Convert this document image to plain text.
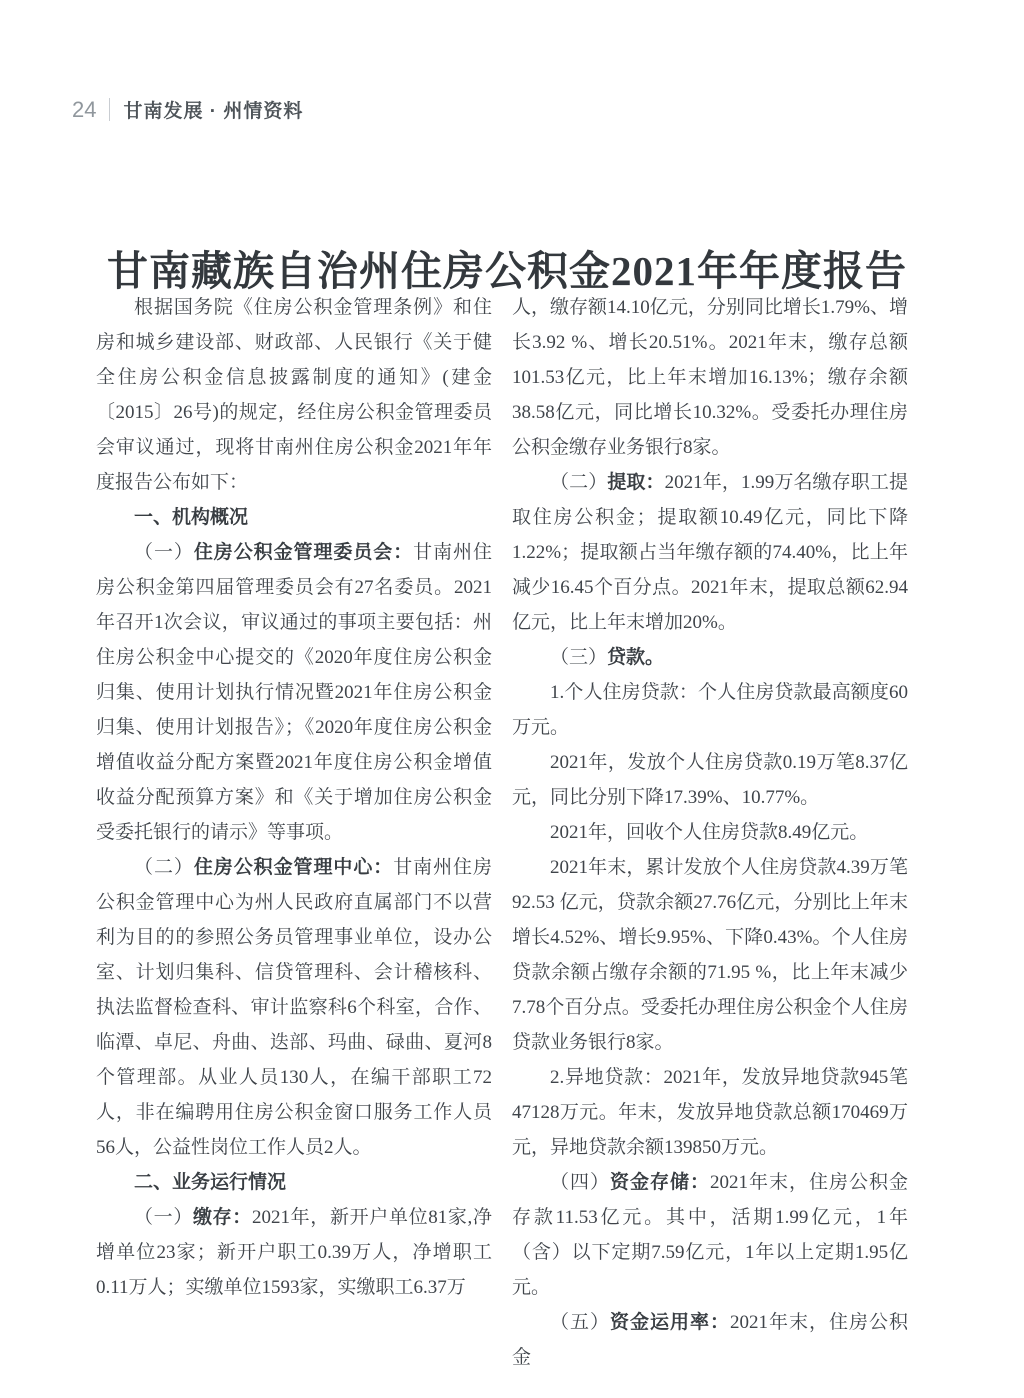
24 甘南发展 · 州情资料
甘南藏族自治州住房公积金2021年年度报告

根据国务院《住房公积金管理条例》和住房和城乡建设部、财政部、人民银行《关于健全住房公积金信息披露制度的通知》(建金〔2015〕26号)的规定，经住房公积金管理委员会审议通过，现将甘南州住房公积金2021年年度报告公布如下：

一、机构概况

（一）住房公积金管理委员会：甘南州住房公积金第四届管理委员会有27名委员。2021年召开1次会议，审议通过的事项主要包括：州住房公积金中心提交的《2020年度住房公积金归集、使用计划执行情况暨2021年住房公积金归集、使用计划报告》；《2020年度住房公积金增值收益分配方案暨2021年度住房公积金增值收益分配预算方案》和《关于增加住房公积金受委托银行的请示》等事项。

（二）住房公积金管理中心：甘南州住房公积金管理中心为州人民政府直属部门不以营利为目的的参照公务员管理事业单位，设办公室、计划归集科、信贷管理科、会计稽核科、执法监督检查科、审计监察科6个科室，合作、临潭、卓尼、舟曲、迭部、玛曲、碌曲、夏河8个管理部。从业人员130人，在编干部职工72人，非在编聘用住房公积金窗口服务工作人员56人，公益性岗位工作人员2人。

二、业务运行情况

（一）缴存：2021年，新开户单位81家,净增单位23家；新开户职工0.39万人，净增职工0.11万人；实缴单位1593家，实缴职工6.37万

人，缴存额14.10亿元，分别同比增长1.79%、增长3.92 %、增长20.51%。2021年末，缴存总额101.53亿元，比上年末增加16.13%；缴存余额38.58亿元，同比增长10.32%。受委托办理住房公积金缴存业务银行8家。

（二）提取：2021年，1.99万名缴存职工提取住房公积金；提取额10.49亿元，同比下降1.22%；提取额占当年缴存额的74.40%，比上年减少16.45个百分点。2021年末，提取总额62.94亿元，比上年末增加20%。

（三）贷款。

1.个人住房贷款：个人住房贷款最高额度60万元。

2021年，发放个人住房贷款0.19万笔8.37亿元，同比分别下降17.39%、10.77%。

2021年，回收个人住房贷款8.49亿元。

2021年末，累计发放个人住房贷款4.39万笔92.53 亿元，贷款余额27.76亿元，分别比上年末增长4.52%、增长9.95%、下降0.43%。个人住房贷款余额占缴存余额的71.95 %，比上年末减少7.78个百分点。受委托办理住房公积金个人住房贷款业务银行8家。

2.异地贷款：2021年，发放异地贷款945笔47128万元。年末，发放异地贷款总额170469万元，异地贷款余额139850万元。

（四）资金存储：2021年末，住房公积金存款11.53亿元。其中，活期1.99亿元，1年（含）以下定期7.59亿元，1年以上定期1.95亿元。

（五）资金运用率：2021年末，住房公积金
